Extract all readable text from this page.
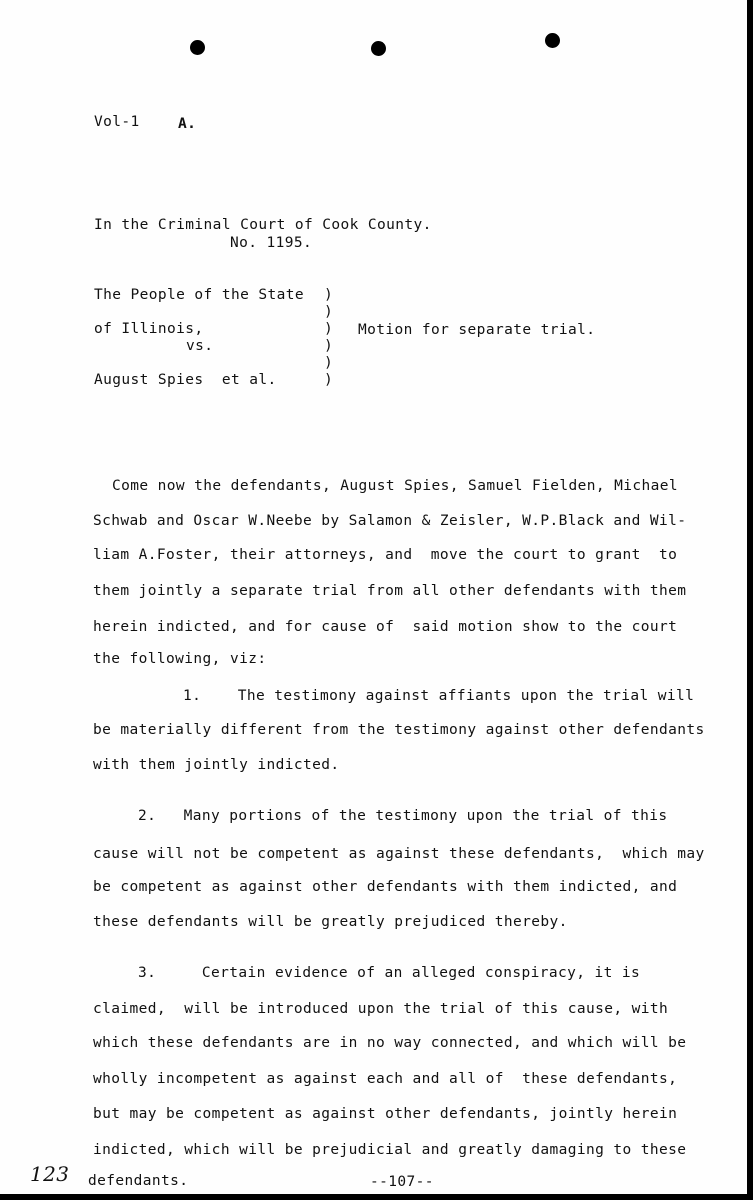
Vol-1	A.
In the Criminal Court of Cook County.
No. 1195.
The People of the State
of Illinois,
vs.
August Spies  et al.
)
)
)
)
)
)
Motion for separate trial.
Come now the defendants, August Spies, Samuel Fielden, Michael
Schwab and Oscar W.Neebe by Salamon & Zeisler, W.P.Black and Wil-
liam A.Foster, their attorneys, and  move the court to grant  to
them jointly a separate trial from all other defendants with them
herein indicted, and for cause of  said motion show to the court
the following, viz:
1.    The testimony against affiants upon the trial will
be materially different from the testimony against other defendants
with them jointly indicted.
2.   Many portions of the testimony upon the trial of this
cause will not be competent as against these defendants,  which may
be competent as against other defendants with them indicted, and
these defendants will be greatly prejudiced thereby.
3.     Certain evidence of an alleged conspiracy, it is
claimed,  will be introduced upon the trial of this cause, with
which these defendants are in no way connected, and which will be
wholly incompetent as against each and all of  these defendants,
but may be competent as against other defendants, jointly herein
indicted, which will be prejudicial and greatly damaging to these
defendants.
123	--107--
